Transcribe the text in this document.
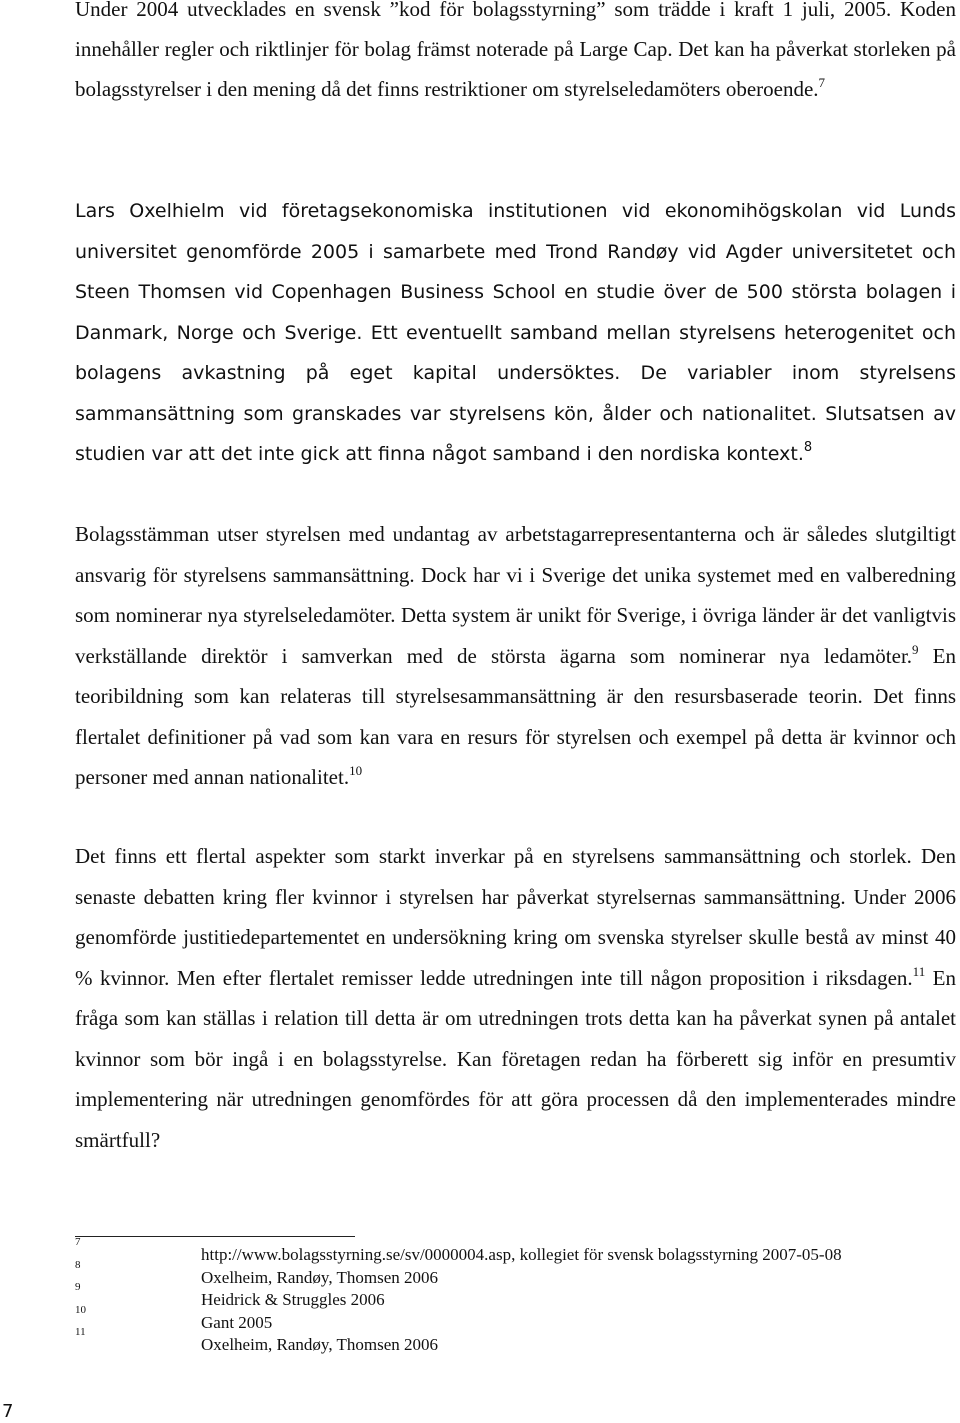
Under 2004 utvecklades en svensk ”kod för bolagsstyrning” som trädde i kraft 1 juli, 2005. Koden innehåller regler och riktlinjer för bolag främst noterade på Large Cap. Det kan ha påverkat storleken på bolagsstyrelser i den mening då det finns restriktioner om styrelseledamöters oberoende.$^7$

Lars Oxelhielm vid företagsekonomiska institutionen vid ekonomihögskolan vid Lunds universitet genomförde 2005 i samarbete med Trond Randøy vid Agder universitetet och Steen Thomsen vid Copenhagen Business School en studie över de 500 största bolagen i Danmark, Norge och Sverige. Ett eventuellt samband mellan styrelsens heterogenitet och bolagens avkastning på eget kapital undersöktes. De variabler inom styrelsens sammansättning som granskades var styrelsens kön, ålder och nationalitet. Slutsatsen av studien var att det inte gick att finna något samband i den nordiska kontext.$^8$

Bolagsstämman utser styrelsen med undantag av arbetstagarrepresentanterna och är således slutgiltigt ansvarig för styrelsens sammansättning. Dock har vi i Sverige det unika systemet med en valberedning som nominerar nya styrelseledamöter. Detta system är unikt för Sverige, i övriga länder är det vanligtvis verkställande direktör i samverkan med de största ägarna som nominerar nya ledamöter.$^9$ En teoribildning som kan relateras till styrelsesammansättning är den resursbaserade teorin. Det finns flertalet definitioner på vad som kan vara en resurs för styrelsen och exempel på detta är kvinnor och personer med annan nationalitet.$^{10}$

Det finns ett flertal aspekter som starkt inverkar på en styrelsens sammansättning och storlek. Den senaste debatten kring fler kvinnor i styrelsen har påverkat styrelsernas sammansättning. Under 2006 genomförde justitiedepartementet en undersökning kring om svenska styrelser skulle bestå av minst 40 % kvinnor. Men efter flertalet remisser ledde utredningen inte till någon proposition i riksdagen.$^{11}$ En fråga som kan ställas i relation till detta är om utredningen trots detta kan ha påverkat synen på antalet kvinnor som bör ingå i en bolagsstyrelse. Kan företagen redan ha förberett sig inför en presumtiv implementering när utredningen genomfördes för att göra processen då den implementerades mindre smärtfull?

7
http://www.bolagsstyrning.se/sv/0000004.asp, kollegiet för svensk bolagsstyrning 2007-05-08
8
Oxelheim, Randøy, Thomsen 2006
9
Heidrick & Struggles 2006
10
Gant 2005
11
Oxelheim, Randøy, Thomsen 2006
7
